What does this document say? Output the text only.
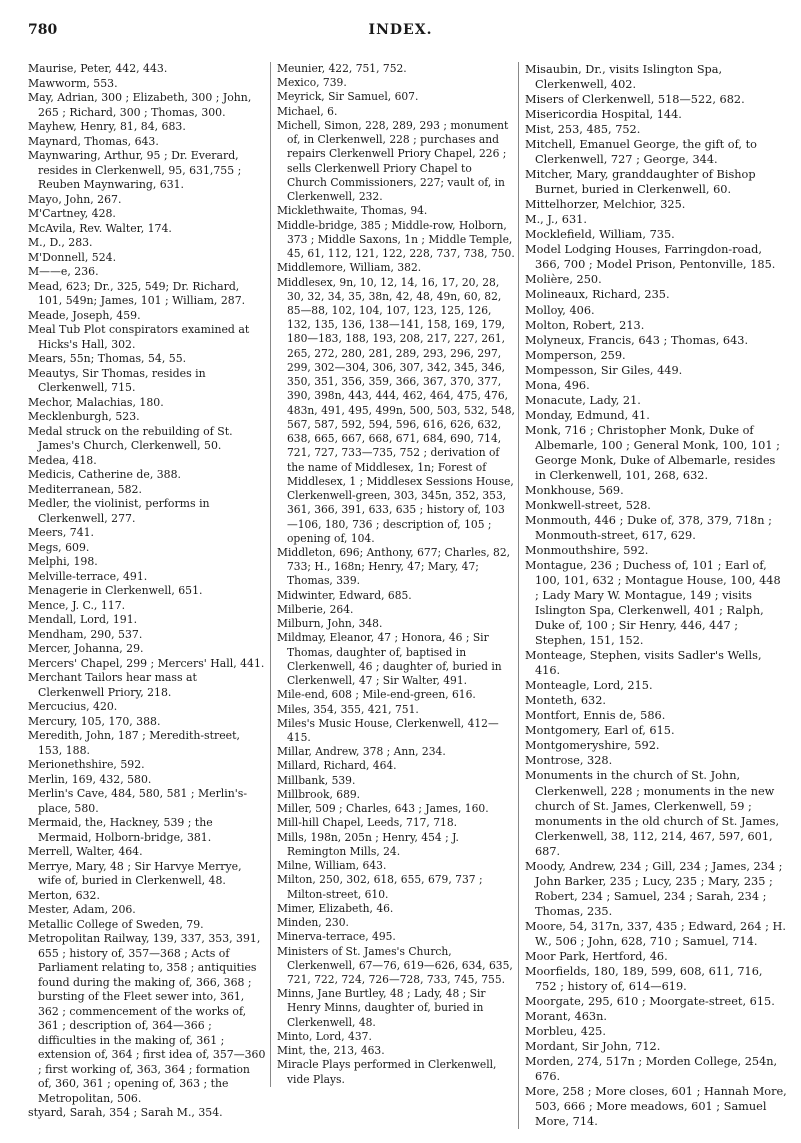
780	INDEX.

Maurise, Peter, 442, 443.

Mawworm, 553.

May, Adrian, 300 ; Elizabeth, 300 ; John, 265 ; Richard, 300 ; Thomas, 300.

Mayhew, Henry, 81, 84, 683.

Maynard, Thomas, 643.

Maynwaring, Arthur, 95 ; Dr. Everard, resides in Clerkenwell, 95, 631,755 ; Reuben Maynwaring, 631.

Mayo, John, 267.

M'Cartney, 428.

McAvila, Rev. Walter, 174.

M., D., 283.

M'Donnell, 524.

M——e, 236.

Mead, 623; Dr., 325, 549; Dr. Richard, 101, 549n; James, 101 ; William, 287.

Meade, Joseph, 459.

Meal Tub Plot conspirators examined at Hicks's Hall, 302.

Mears, 55n; Thomas, 54, 55.

Meautys, Sir Thomas, resides in Clerkenwell, 715.

Mechor, Malachias, 180.

Mecklenburgh, 523.

Medal struck on the rebuilding of St. James's Church, Clerkenwell, 50.

Medea, 418.

Medicis, Catherine de, 388.

Mediterranean, 582.

Medler, the violinist, performs in Clerkenwell, 277.

Meers, 741.

Megs, 609.

Melphi, 198.

Melville-terrace, 491.

Menagerie in Clerkenwell, 651.

Mence, J. C., 117.

Mendall, Lord, 191.

Mendham, 290, 537.

Mercer, Johanna, 29.

Mercers' Chapel, 299 ; Mercers' Hall, 441.

Merchant Tailors hear mass at Clerkenwell Priory, 218.

Mercucius, 420.

Mercury, 105, 170, 388.

Meredith, John, 187 ; Meredith-street, 153, 188.

Merionethshire, 592.

Merlin, 169, 432, 580.

Merlin's Cave, 484, 580, 581 ; Merlin's-place, 580.

Mermaid, the, Hackney, 539 ; the Mermaid, Holborn-bridge, 381.

Merrell, Walter, 464.

Merrye, Mary, 48 ; Sir Harvye Merrye, wife of, buried in Clerkenwell, 48.

Merton, 632.

Mester, Adam, 206.

Metallic College of Sweden, 79.

Metropolitan Railway, 139, 337, 353, 391, 655 ; history of, 357—368 ; Acts of Parliament relating to, 358 ; antiquities found during the making of, 366, 368 ; bursting of the Fleet sewer into, 361, 362 ; commencement of the works of, 361 ; description of, 364—366 ; difficulties in the making of, 361 ; extension of, 364 ; first idea of, 357—360 ; first working of, 363, 364 ; formation of, 360, 361 ; opening of, 363 ; the Metropolitan, 506.

styard, Sarah, 354 ; Sarah M., 354.

Meunier, 422, 751, 752.

Mexico, 739.

Meyrick, Sir Samuel, 607.

Michael, 6.

Michell, Simon, 228, 289, 293 ; monument of, in Clerkenwell, 228 ; purchases and repairs Clerkenwell Priory Chapel, 226 ; sells Clerkenwell Priory Chapel to Church Commissioners, 227; vault of, in Clerkenwell, 232.

Micklethwaite, Thomas, 94.

Middle-bridge, 385 ; Middle-row, Holborn, 373 ; Middle Saxons, 1n ; Middle Temple, 45, 61, 112, 121, 122, 228, 737, 738, 750.

Middlemore, William, 382.

Middlesex, 9n, 10, 12, 14, 16, 17, 20, 28, 30, 32, 34, 35, 38n, 42, 48, 49n, 60, 82, 85—88, 102, 104, 107, 123, 125, 126, 132, 135, 136, 138—141, 158, 169, 179, 180—183, 188, 193, 208, 217, 227, 261, 265, 272, 280, 281, 289, 293, 296, 297, 299, 302—304, 306, 307, 342, 345, 346, 350, 351, 356, 359, 366, 367, 370, 377, 390, 398n, 443, 444, 462, 464, 475, 476, 483n, 491, 495, 499n, 500, 503, 532, 548, 567, 587, 592, 594, 596, 616, 626, 632, 638, 665, 667, 668, 671, 684, 690, 714, 721, 727, 733—735, 752 ; derivation of the name of Middlesex, 1n; Forest of Middlesex, 1 ; Middlesex Sessions House, Clerkenwell-green, 303, 345n, 352, 353, 361, 366, 391, 633, 635 ; history of, 103—106, 180, 736 ; description of, 105 ; opening of, 104.

Middleton, 696; Anthony, 677; Charles, 82, 733; H., 168n; Henry, 47; Mary, 47; Thomas, 339.

Midwinter, Edward, 685.

Milberie, 264.

Milburn, John, 348.

Mildmay, Eleanor, 47 ; Honora, 46 ; Sir Thomas, daughter of, baptised in Clerkenwell, 46 ; daughter of, buried in Clerkenwell, 47 ; Sir Walter, 491.

Mile-end, 608 ; Mile-end-green, 616.

Miles, 354, 355, 421, 751.

Miles's Music House, Clerkenwell, 412—415.

Millar, Andrew, 378 ; Ann, 234.

Millard, Richard, 464.

Millbank, 539.

Millbrook, 689.

Miller, 509 ; Charles, 643 ; James, 160.

Mill-hill Chapel, Leeds, 717, 718.

Mills, 198n, 205n ; Henry, 454 ; J. Remington Mills, 24.

Milne, William, 643.

Milton, 250, 302, 618, 655, 679, 737 ; Milton-street, 610.

Mimer, Elizabeth, 46.

Minden, 230.

Minerva-terrace, 495.

Ministers of St. James's Church, Clerkenwell, 67—76, 619—626, 634, 635, 721, 722, 724, 726—728, 733, 745, 755.

Minns, Jane Burtley, 48 ; Lady, 48 ; Sir Henry Minns, daughter of, buried in Clerkenwell, 48.

Minto, Lord, 437.

Mint, the, 213, 463.

Miracle Plays performed in Clerkenwell, vide Plays.

Misaubin, Dr., visits Islington Spa, Clerkenwell, 402.

Misers of Clerkenwell, 518—522, 682.

Misericordia Hospital, 144.

Mist, 253, 485, 752.

Mitchell, Emanuel George, the gift of, to Clerkenwell, 727 ; George, 344.

Mitcher, Mary, granddaughter of Bishop Burnet, buried in Clerkenwell, 60.

Mittelhorzer, Melchior, 325.

M., J., 631.

Mocklefield, William, 735.

Model Lodging Houses, Farringdon-road, 366, 700 ; Model Prison, Pentonville, 185.

Molière, 250.

Molineaux, Richard, 235.

Molloy, 406.

Molton, Robert, 213.

Molyneux, Francis, 643 ; Thomas, 643.

Momperson, 259.

Mompesson, Sir Giles, 449.

Mona, 496.

Monacute, Lady, 21.

Monday, Edmund, 41.

Monk, 716 ; Christopher Monk, Duke of Albemarle, 100 ; General Monk, 100, 101 ; George Monk, Duke of Albemarle, resides in Clerkenwell, 101, 268, 632.

Monkhouse, 569.

Monkwell-street, 528.

Monmouth, 446 ; Duke of, 378, 379, 718n ; Monmouth-street, 617, 629.

Monmouthshire, 592.

Montague, 236 ; Duchess of, 101 ; Earl of, 100, 101, 632 ; Montague House, 100, 448 ; Lady Mary W. Montague, 149 ; visits Islington Spa, Clerkenwell, 401 ; Ralph, Duke of, 100 ; Sir Henry, 446, 447 ; Stephen, 151, 152.

Monteage, Stephen, visits Sadler's Wells, 416.

Monteagle, Lord, 215.

Monteth, 632.

Montfort, Ennis de, 586.

Montgomery, Earl of, 615.

Montgomeryshire, 592.

Montrose, 328.

Monuments in the church of St. John, Clerkenwell, 228 ; monuments in the new church of St. James, Clerkenwell, 59 ; monuments in the old church of St. James, Clerkenwell, 38, 112, 214, 467, 597, 601, 687.

Moody, Andrew, 234 ; Gill, 234 ; James, 234 ; John Barker, 235 ; Lucy, 235 ; Mary, 235 ; Robert, 234 ; Samuel, 234 ; Sarah, 234 ; Thomas, 235.

Moore, 54, 317n, 337, 435 ; Edward, 264 ; H. W., 506 ; John, 628, 710 ; Samuel, 714.

Moor Park, Hertford, 46.

Moorfields, 180, 189, 599, 608, 611, 716, 752 ; history of, 614—619.

Moorgate, 295, 610 ; Moorgate-street, 615.

Morant, 463n.

Morbleu, 425.

Mordant, Sir John, 712.

Morden, 274, 517n ; Morden College, 254n, 676.

More, 258 ; More closes, 601 ; Hannah More, 503, 666 ; More meadows, 601 ; Samuel More, 714.
